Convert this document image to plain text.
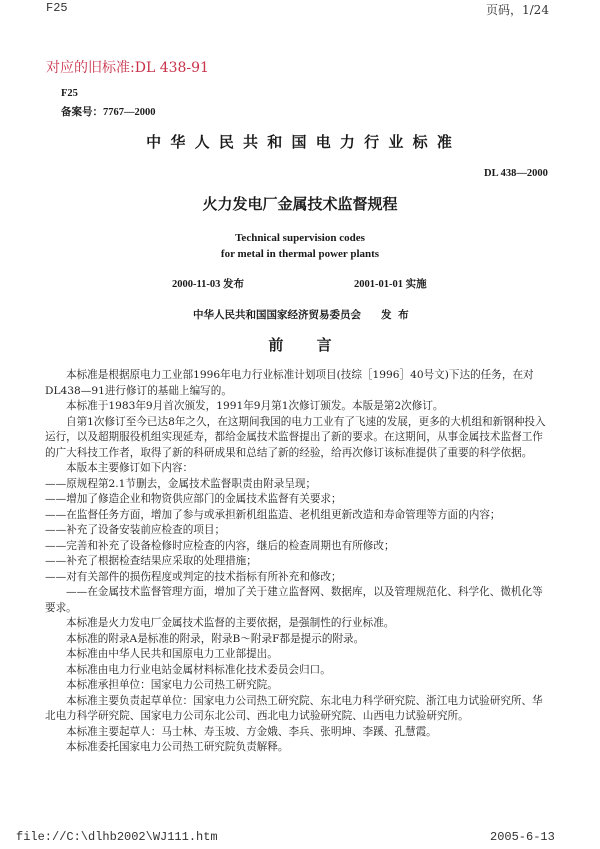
F25	页码，1/24
对应的旧标准:DL 438-91
F25
备案号：7767—2000
中 华 人 民 共 和 国 电 力 行 业 标 准
DL 438—2000
火力发电厂金属技术监督规程
Technical supervision codes
for metal in thermal power plants
2000-11-03 发布	2001-01-01 实施
中华人民共和国国家经济贸易委员会 发 布
前 言

本标准是根据原电力工业部1996年电力行业标准计划项目(技综［1996］40号文)下达的任务，在对DL438—91进行修订的基础上编写的。

本标准于1983年9月首次颁发，1991年9月第1次修订颁发。本版是第2次修订。

自第1次修订至今已达8年之久，在这期间我国的电力工业有了飞速的发展，更多的大机组和新钢种投入运行，以及超期服役机组实现延寿，都给金属技术监督提出了新的要求。在这期间，从事金属技术监督工作的广大科技工作者，取得了新的科研成果和总结了新的经验，给再次修订该标准提供了重要的科学依据。

本版本主要修订如下内容：

——原规程第2.1节删去，金属技术监督职责由附录呈现；

——增加了修造企业和物资供应部门的金属技术监督有关要求；

——在监督任务方面，增加了参与或承担新机组监造、老机组更新改造和寿命管理等方面的内容；

——补充了设备安装前应检查的项目；

——完善和补充了设备检修时应检查的内容，继后的检查周期也有所修改；

——补充了根据检查结果应采取的处理措施；

——对有关部件的损伤程度或判定的技术指标有所补充和修改；

——在金属技术监督管理方面，增加了关于建立监督网、数据库，以及管理规范化、科学化、微机化等要求。

本标准是火力发电厂金属技术监督的主要依据，是强制性的行业标准。

本标准的附录A是标准的附录，附录B～附录F都是提示的附录。

本标准由中华人民共和国原电力工业部提出。

本标准由电力行业电站金属材料标准化技术委员会归口。

本标准承担单位：国家电力公司热工研究院。

本标准主要负责起草单位：国家电力公司热工研究院、东北电力科学研究院、浙江电力试验研究所、华北电力科学研究院、国家电力公司东北公司、西北电力试验研究院、山西电力试验研究所。

本标准主要起草人：马士林、寿玉坡、方金娥、李兵、张明坤、李蹊、孔慧霞。

本标准委托国家电力公司热工研究院负责解释。

file://C:\dlhb2002\WJ111.htm	2005-6-13
